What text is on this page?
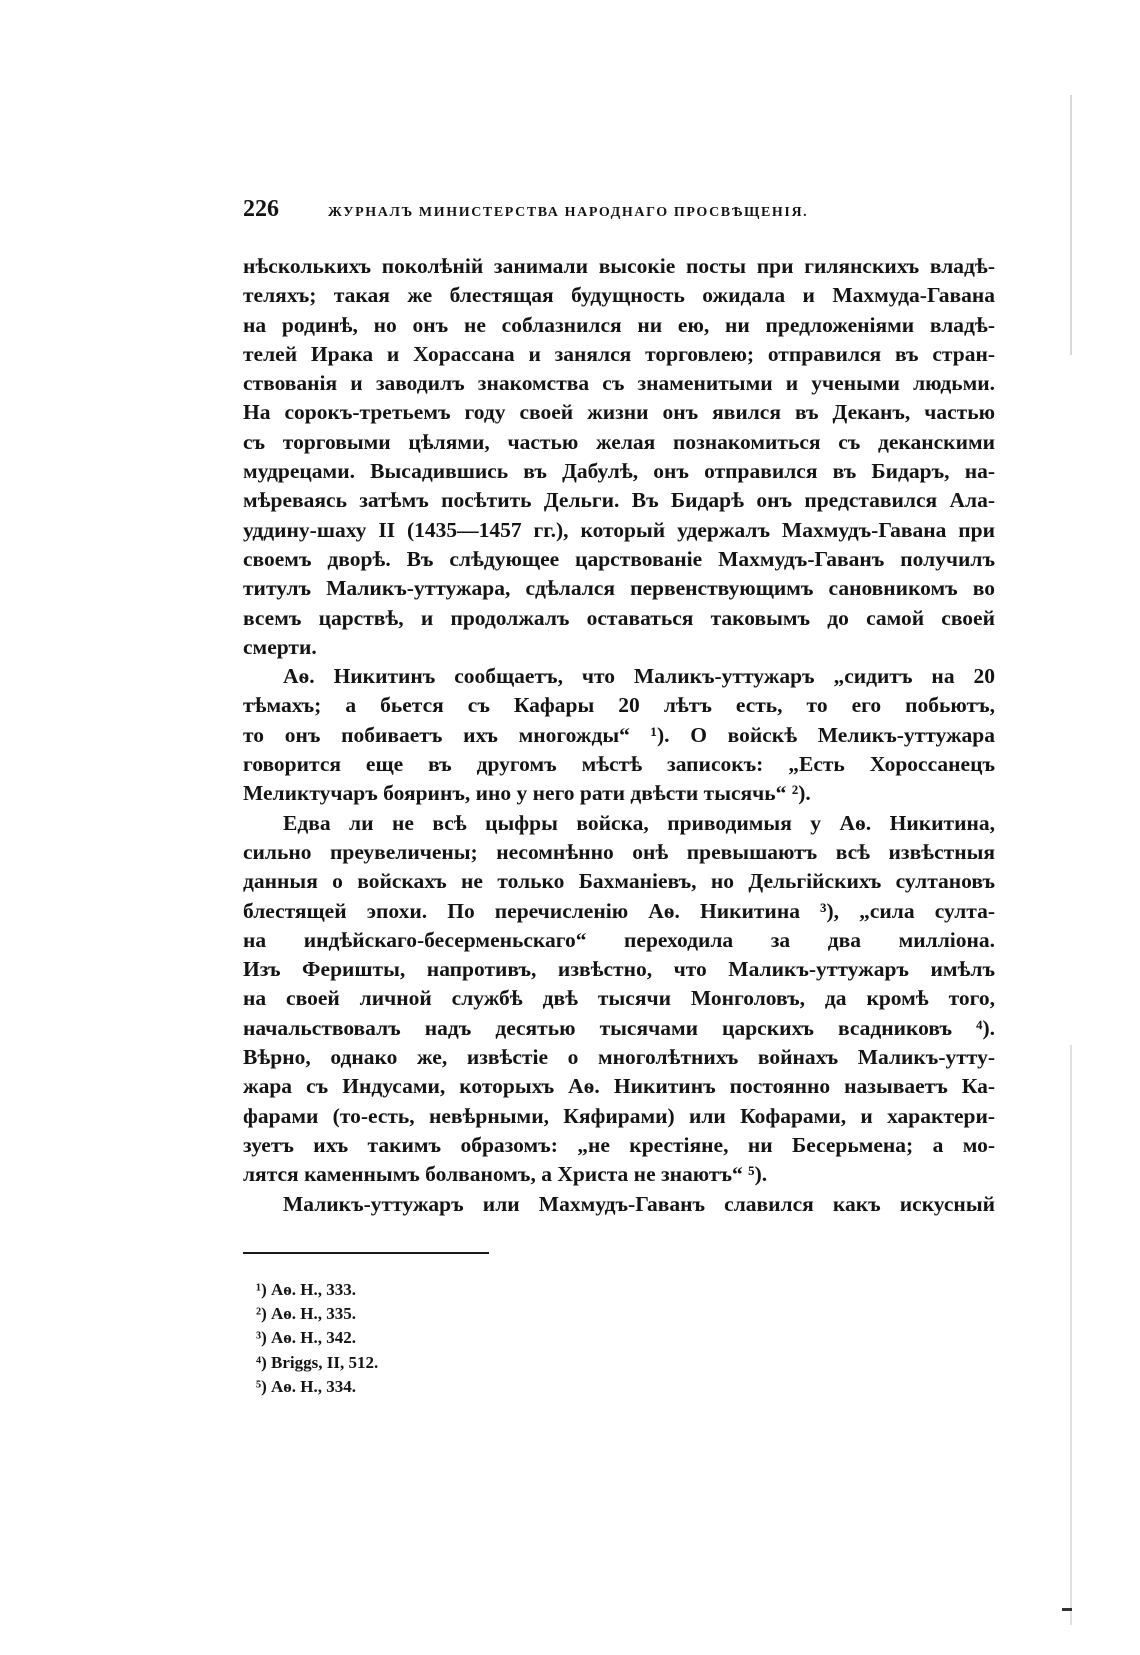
226	ЖУРНАЛЪ МИНИСТЕРСТВА НАРОДНАГО ПРОСВѢЩЕНІЯ.
нѣсколькихъ поколѣній занимали высокіе посты при гилянскихъ владѣ-
теляхъ; такая же блестящая будущность ожидала и Махмуда-Гавана
на родинѣ, но онъ не соблазнился ни ею, ни предложеніями владѣ-
телей Ирака и Хорассана и занялся торговлею; отправился въ стран-
ствованія и заводилъ знакомства съ знаменитыми и учеными людьми.
На сорокъ-третьемъ году своей жизни онъ явился въ Деканъ, частью
съ торговыми цѣлями, частью желая познакомиться съ деканскими
мудрецами. Высадившись въ Дабулѣ, онъ отправился въ Бидаръ, на-
мѣреваясь затѣмъ посѣтить Дельги. Въ Бидарѣ онъ представился Ала-
уддину-шаху II (1435—1457 гг.), который удержалъ Махмудъ-Гавана при
своемъ дворѣ. Въ слѣдующее царствованіе Махмудъ-Гаванъ получилъ
титулъ Маликъ-уттужара, сдѣлался первенствующимъ сановникомъ во
всемъ царствѣ, и продолжалъ оставаться таковымъ до самой своей
смерти.
Аѳ. Никитинъ сообщаетъ, что Маликъ-уттужаръ „сидитъ на 20
тѣмахъ; а бьется съ Кафары 20 лѣтъ есть, то его побьютъ,
то онъ побиваетъ ихъ многожды“ ¹). О войскѣ Меликъ-уттужара
говорится еще въ другомъ мѣстѣ записокъ: „Есть Хороссанецъ
Меликтучаръ бояринъ, ино у него рати двѣсти тысячь“ ²).
Едва ли не всѣ цыфры войска, приводимыя у Аѳ. Никитина,
сильно преувеличены; несомнѣнно онѣ превышаютъ всѣ извѣстныя
данныя о войскахъ не только Бахманіевъ, но Дельгійскихъ султановъ
блестящей эпохи. По перечисленію Аѳ. Никитина ³), „сила султа-
на индѣйскаго-бесерменьскаго“ переходила за два милліона.
Изъ Феришты, напротивъ, извѣстно, что Маликъ-уттужаръ имѣлъ
на своей личной службѣ двѣ тысячи Монголовъ, да кромѣ того,
начальствовалъ надъ десятью тысячами царскихъ всадниковъ ⁴).
Вѣрно, однако же, извѣстіе о многолѣтнихъ войнахъ Маликъ-утту-
жара съ Индусами, которыхъ Аѳ. Никитинъ постоянно называетъ Ка-
фарами (то-есть, невѣрными, Кяфирами) или Кофарами, и характери-
зуетъ ихъ такимъ образомъ: „не крестіяне, ни Бесерьмена; а мо-
лятся каменнымъ болваномъ, а Христа не знаютъ“ ⁵).
Маликъ-уттужаръ или Махмудъ-Гаванъ славился какъ искусный
¹) Аѳ. Н., 333.
²) Аѳ. Н., 335.
³) Аѳ. Н., 342.
⁴) Briggs, II, 512.
⁵) Аѳ. Н., 334.
